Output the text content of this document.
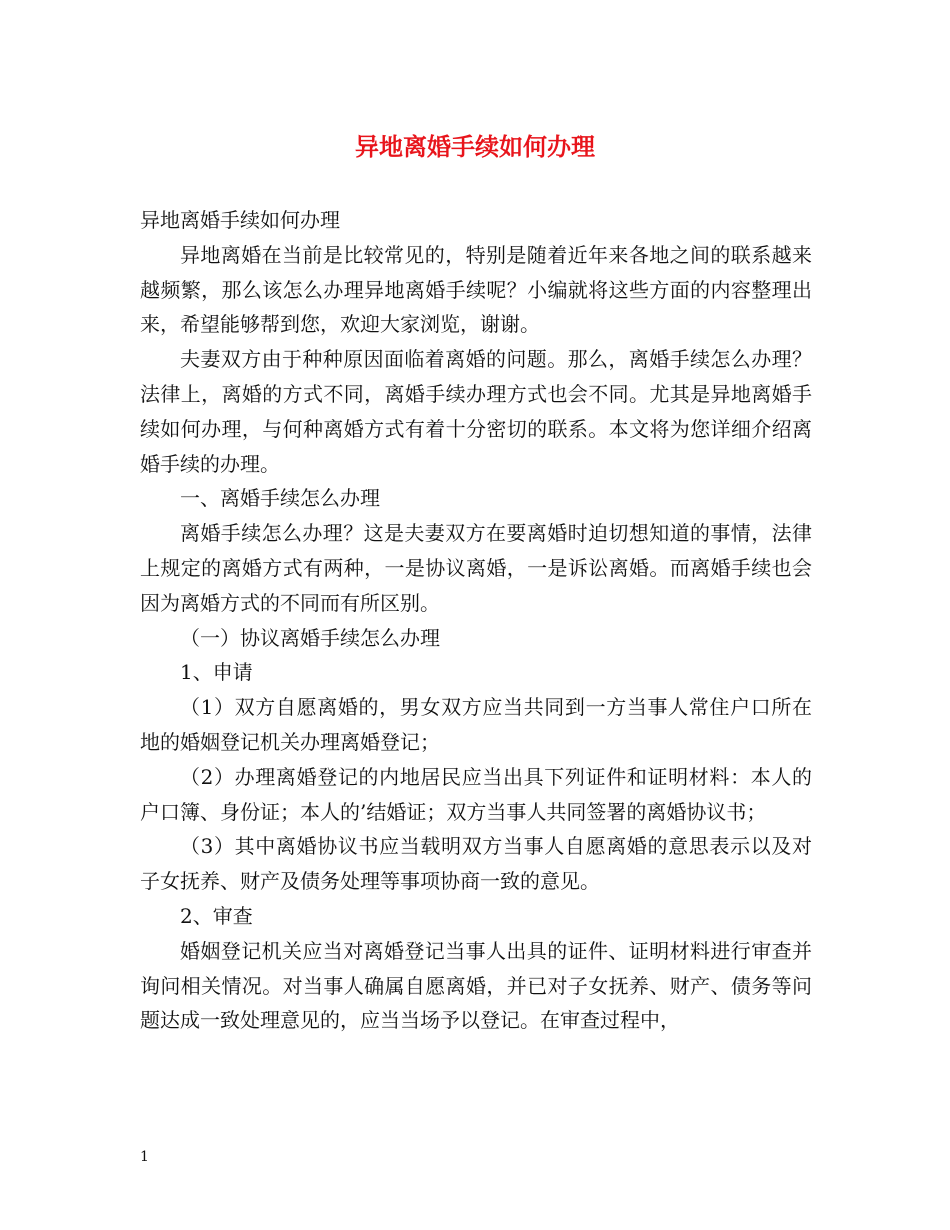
异地离婚手续如何办理

异地离婚手续如何办理

异地离婚在当前是比较常见的，特别是随着近年来各地之间的联系越来越频繁，那么该怎么办理异地离婚手续呢？小编就将这些方面的内容整理出来，希望能够帮到您，欢迎大家浏览，谢谢。

夫妻双方由于种种原因面临着离婚的问题。那么，离婚手续怎么办理？法律上，离婚的方式不同，离婚手续办理方式也会不同。尤其是异地离婚手续如何办理，与何种离婚方式有着十分密切的联系。本文将为您详细介绍离婚手续的办理。

一、离婚手续怎么办理

离婚手续怎么办理？这是夫妻双方在要离婚时迫切想知道的事情，法律上规定的离婚方式有两种，一是协议离婚，一是诉讼离婚。而离婚手续也会因为离婚方式的不同而有所区别。

（一）协议离婚手续怎么办理

1、申请

（1）双方自愿离婚的，男女双方应当共同到一方当事人常住户口所在地的婚姻登记机关办理离婚登记；

（2）办理离婚登记的内地居民应当出具下列证件和证明材料：本人的户口簿、身份证；本人的’结婚证；双方当事人共同签署的离婚协议书；

（3）其中离婚协议书应当载明双方当事人自愿离婚的意思表示以及对子女抚养、财产及债务处理等事项协商一致的意见。

2、审查

婚姻登记机关应当对离婚登记当事人出具的证件、证明材料进行审查并询问相关情况。对当事人确属自愿离婚，并已对子女抚养、财产、债务等问题达成一致处理意见的，应当当场予以登记。在审查过程中，

1
